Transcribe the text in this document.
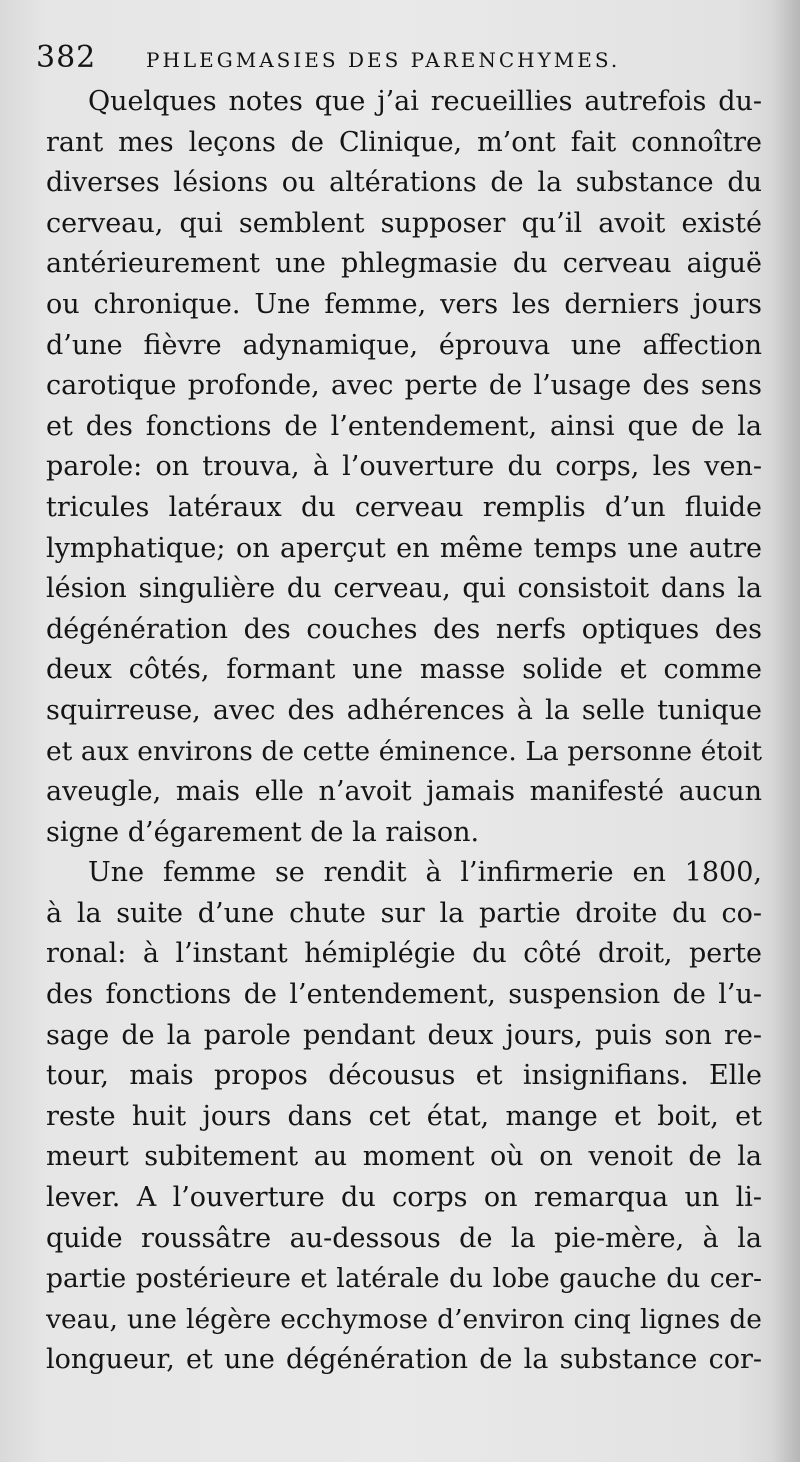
382 PHLEGMASIES DES PARENCHYMES.
Quelques notes que j’ai recueillies autrefois du-
rant mes leçons de Clinique, m’ont fait connoître
diverses lésions ou altérations de la substance du
cerveau, qui semblent supposer qu’il avoit existé
antérieurement une phlegmasie du cerveau aiguë
ou chronique. Une femme, vers les derniers jours
d’une fièvre adynamique, éprouva une affection
carotique profonde, avec perte de l’usage des sens
et des fonctions de l’entendement, ainsi que de la
parole: on trouva, à l’ouverture du corps, les ven-
tricules latéraux du cerveau remplis d’un fluide
lymphatique; on aperçut en même temps une autre
lésion singulière du cerveau, qui consistoit dans la
dégénération des couches des nerfs optiques des
deux côtés, formant une masse solide et comme
squirreuse, avec des adhérences à la selle tunique
et aux environs de cette éminence. La personne étoit
aveugle, mais elle n’avoit jamais manifesté aucun
signe d’égarement de la raison.
Une femme se rendit à l’infirmerie en 1800,
à la suite d’une chute sur la partie droite du co-
ronal: à l’instant hémiplégie du côté droit, perte
des fonctions de l’entendement, suspension de l’u-
sage de la parole pendant deux jours, puis son re-
tour, mais propos décousus et insignifians. Elle
reste huit jours dans cet état, mange et boit, et
meurt subitement au moment où on venoit de la
lever. A l’ouverture du corps on remarqua un li-
quide roussâtre au-dessous de la pie-mère, à la
partie postérieure et latérale du lobe gauche du cer-
veau, une légère ecchymose d’environ cinq lignes de
longueur, et une dégénération de la substance cor-
